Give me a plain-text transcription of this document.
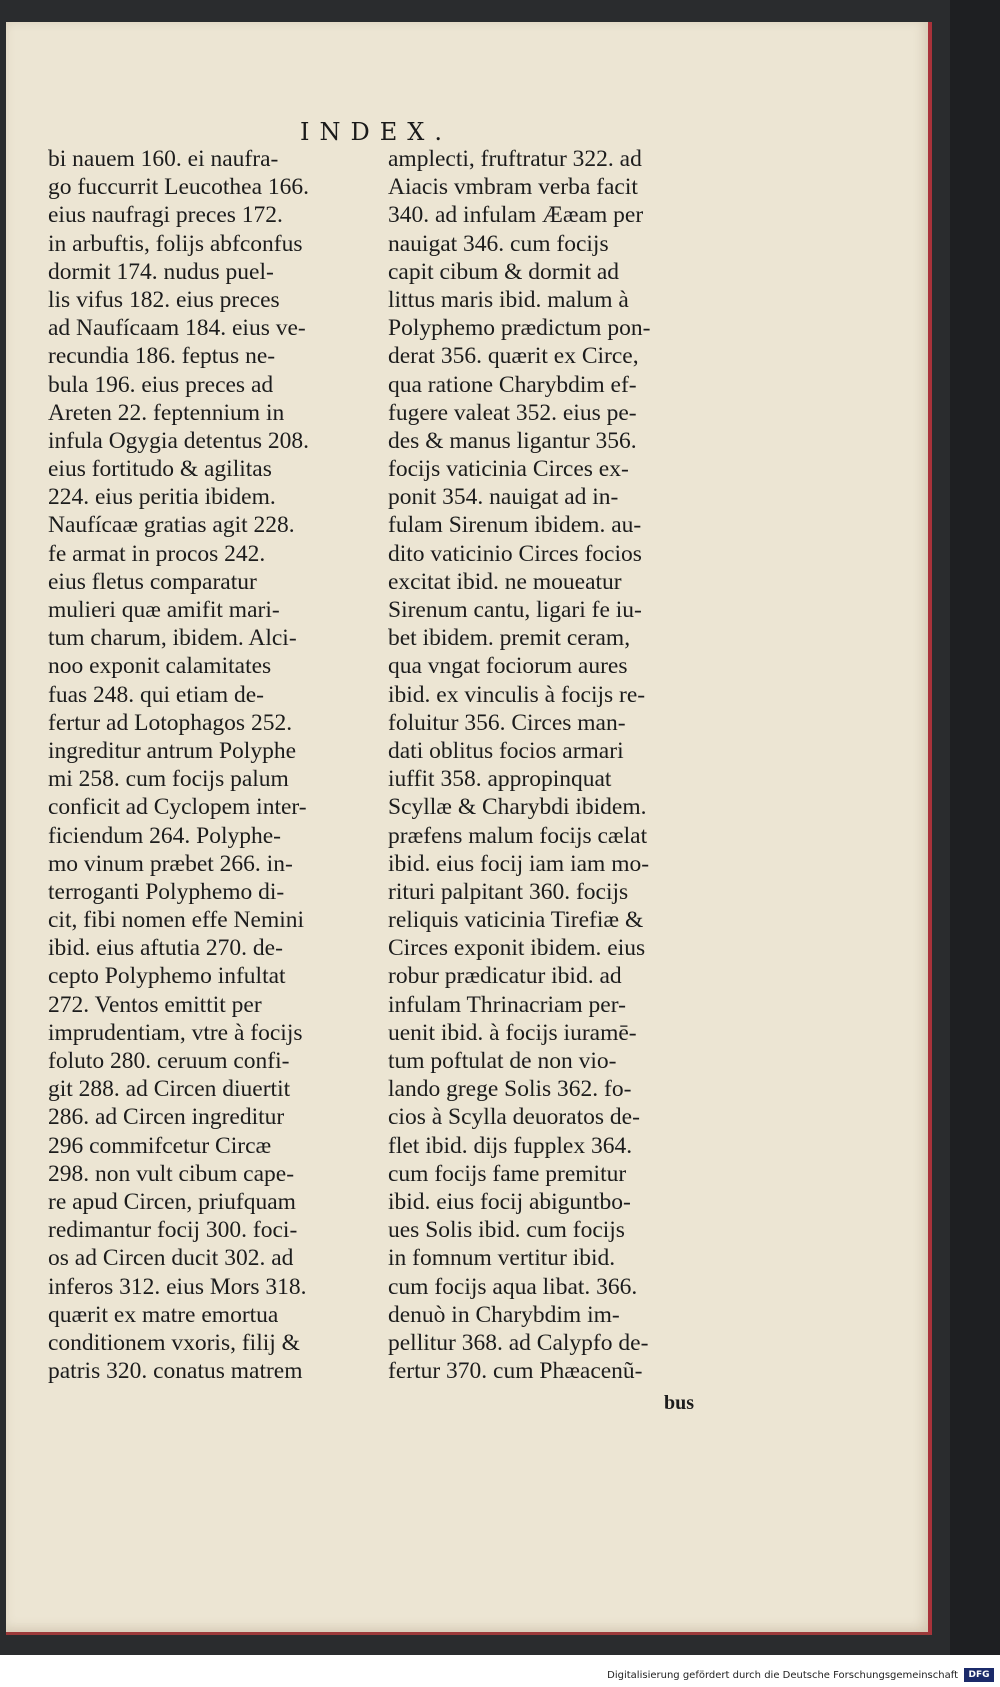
INDEX.
bi nauem 160. ei naufra-
go fuccurrit Leucothea 166.
eius naufragi preces 172.
in arbuftis, folijs abfconfus
dormit 174. nudus puel-
lis vifus 182. eius preces
ad Naufícaam 184. eius ve-
recundia 186. feptus ne-
bula 196. eius preces ad
Areten 22. feptennium in
infula Ogygia detentus 208.
eius fortitudo & agilitas
224. eius peritia ibidem.
Naufícaæ gratias agit 228.
fe armat in procos 242.
eius fletus comparatur
mulieri quæ amifit mari-
tum charum, ibidem. Alci-
noo exponit calamitates
fuas 248. qui etiam de-
fertur ad Lotophagos 252.
ingreditur antrum Polyphe
mi 258. cum focijs palum
conficit ad Cyclopem inter-
ficiendum 264. Polyphe-
mo vinum præbet 266. in-
terroganti Polyphemo di-
cit, fibi nomen effe Nemini
ibid. eius aftutia 270. de-
cepto Polyphemo infultat
272. Ventos emittit per
imprudentiam, vtre à focijs
foluto 280. ceruum confi-
git 288. ad Circen diuertit
286. ad Circen ingreditur
296 commifcetur Circæ
298. non vult cibum cape-
re apud Circen, priufquam
redimantur focij 300. foci-
os ad Circen ducit 302. ad
inferos 312. eius Mors 318.
quærit ex matre emortua
conditionem vxoris, filij &
patris 320. conatus matrem
amplecti, fruftratur 322. ad
Aiacis vmbram verba facit
340. ad infulam Ææam per
nauigat 346. cum focijs
capit cibum & dormit ad
littus maris ibid. malum à
Polyphemo prædictum pon-
derat 356. quærit ex Circe,
qua ratione Charybdim ef-
fugere valeat 352. eius pe-
des & manus ligantur 356.
focijs vaticinia Circes ex-
ponit 354. nauigat ad in-
fulam Sirenum ibidem. au-
dito vaticinio Circes focios
excitat ibid. ne moueatur
Sirenum cantu, ligari fe iu-
bet ibidem. premit ceram,
qua vngat fociorum aures
ibid. ex vinculis à focijs re-
foluitur 356. Circes man-
dati oblitus focios armari
iuffit 358. appropinquat
Scyllæ & Charybdi ibidem.
præfens malum focijs cælat
ibid. eius focij iam iam mo-
rituri palpitant 360. focijs
reliquis vaticinia Tirefiæ &
Circes exponit ibidem. eius
robur prædicatur ibid. ad
infulam Thrinacriam per-
uenit ibid. à focijs iuramē-
tum poftulat de non vio-
lando grege Solis 362. fo-
cios à Scylla deuoratos de-
flet ibid. dijs fupplex 364.
cum focijs fame premitur
ibid. eius focij abiguntbo-
ues Solis ibid. cum focijs
in fomnum vertitur ibid.
cum focijs aqua libat. 366.
denuò in Charybdim im-
pellitur 368. ad Calypfo de-
fertur 370. cum Phæacenũ-
bus
Digitalisierung gefördert durch die Deutsche Forschungsgemeinschaft	DFG
